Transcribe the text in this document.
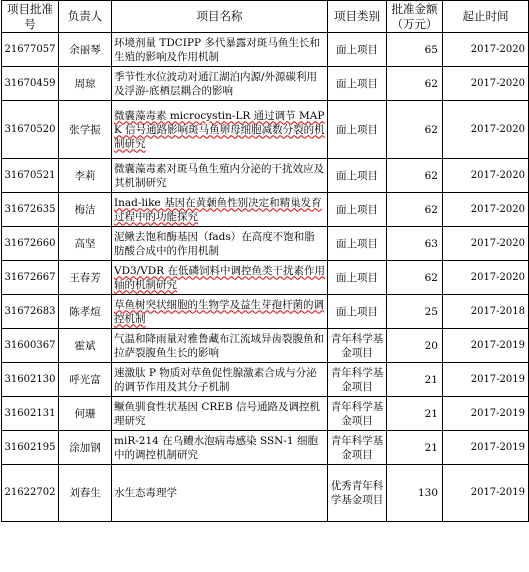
项目批准号	负责人	项目名称	项目类别	批准金额（万元）	起止时间
21677057	余丽琴	环境剂量 TDCIPP 多代暴露对斑马鱼生长和生殖的影响及作用机制	面上项目	65	2017-2020
31670459	周琼	季节性水位波动对通江湖泊内源/外源碳利用及浮游-底栖层耦合的影响	面上项目	62	2017-2020
31670520	张学振	微囊藻毒素 microcystin-LR 通过调节 MAPK 信号通路影响斑马鱼卵母细胞减数分裂的机制研究	面上项目	62	2017-2020
31670521	李莉	微囊藻毒素对斑马鱼生殖内分泌的干扰效应及其机制研究	面上项目	62	2017-2020
31672635	梅洁	Inad-like 基因在黄颡鱼性别决定和精巢发育过程中的功能探究	面上项目	62	2017-2020
31672660	高坚	泥鳅去饱和酶基因（fads）在高度不饱和脂肪酸合成中的作用机制	面上项目	63	2017-2020
31672667	王春芳	VD3/VDR 在低磷饲料中调控鱼类干扰素作用轴的机制研究	面上项目	62	2017-2020
31672683	陈孝煊	草鱼树突状细胞的生物学及益生芽孢杆菌的调控机制	面上项目	25	2017-2018
31600367	霍斌	气温和降雨量对雅鲁藏布江流域异齿裂腹鱼和拉萨裂腹鱼生长的影响	青年科学基金项目	20	2017-2019
31602130	呼光富	速激肽 P 物质对草鱼促性腺激素合成与分泌的调节作用及其分子机制	青年科学基金项目	21	2017-2019
31602131	何珊	鳜鱼驯食性状基因 CREB 信号通路及调控机理研究	青年科学基金项目	21	2017-2019
31602195	涂加钢	miR-214 在乌鳢水泡病毒感染 SSN-1 细胞中的调控机制研究	青年科学基金项目	21	2017-2019
21622702	刘春生	水生态毒理学	优秀青年科学基金项目	130	2017-2019
